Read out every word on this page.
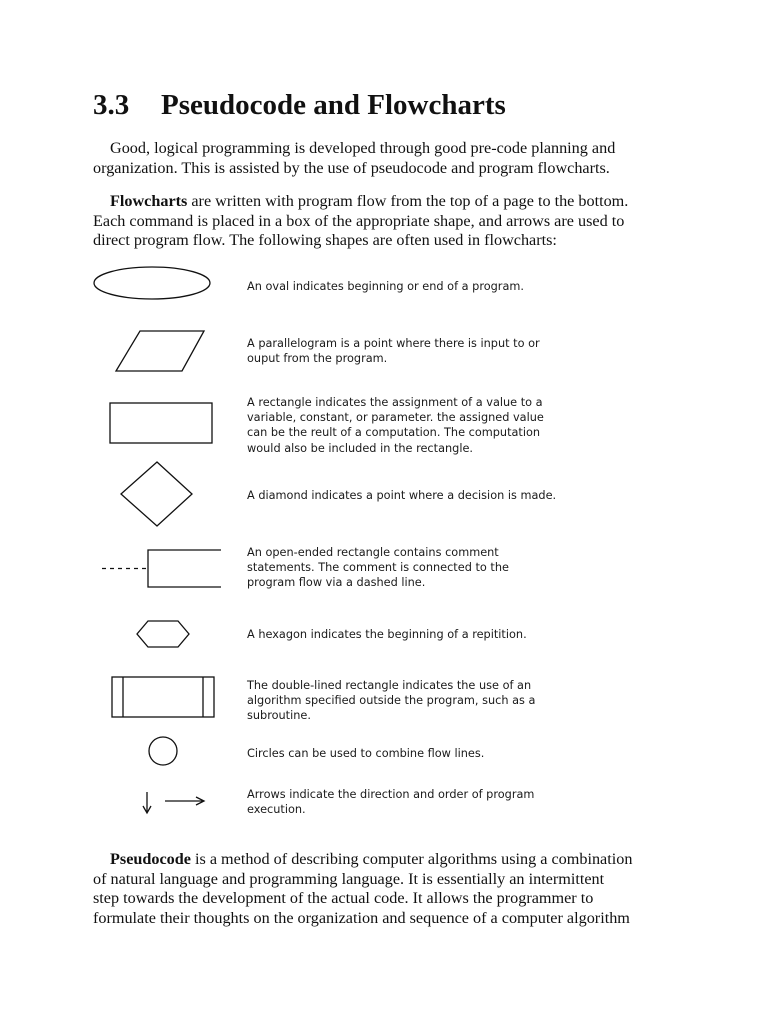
3.3 Pseudocode and Flowcharts

Good, logical programming is developed through good pre-code planning and
organization. This is assisted by the use of pseudocode and program flowcharts.

Flowcharts are written with program flow from the top of a page to the bottom.
Each command is placed in a box of the appropriate shape, and arrows are used to
direct program flow. The following shapes are often used in flowcharts:

An oval indicates beginning or end of a program.

A parallelogram is a point where there is input to or
ouput from the program.

A rectangle indicates the assignment of a value to a
variable, constant, or parameter. the assigned value
can be the reult of a computation. The computation
would also be included in the rectangle.

A diamond indicates a point where a decision is made.

An open-ended rectangle contains comment
statements. The comment is connected to the
program flow via a dashed line.

A hexagon indicates the beginning of a repitition.

The double-lined rectangle indicates the use of an
algorithm specified outside the program, such as a
subroutine.

Circles can be used to combine flow lines.

Arrows indicate the direction and order of program
execution.

Pseudocode is a method of describing computer algorithms using a combination
of natural language and programming language. It is essentially an intermittent
step towards the development of the actual code. It allows the programmer to
formulate their thoughts on the organization and sequence of a computer algorithm
